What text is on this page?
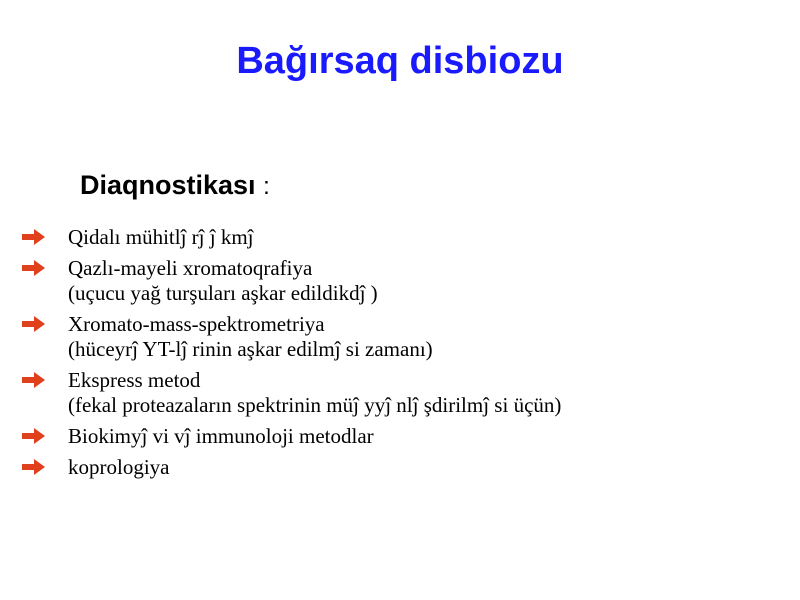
Bağırsaq disbiozu
Diaqnostikası :
Qidalı mühitlĵ rĵ ĵ kmĵ
Qazlı-mayeli xromatoqrafiya
(uçucu yağ turşuları aşkar edildikdĵ )
Xromato-mass-spektrometriya
(hüceyrĵ YT-lĵ rinin aşkar edilmĵ si zamanı)
Ekspress metod
(fekal proteazaların spektrinin müĵ yyĵ nlĵ şdirilmĵ si üçün)
Biokimyĵ vi vĵ immunoloji metodlar
koprologiya
